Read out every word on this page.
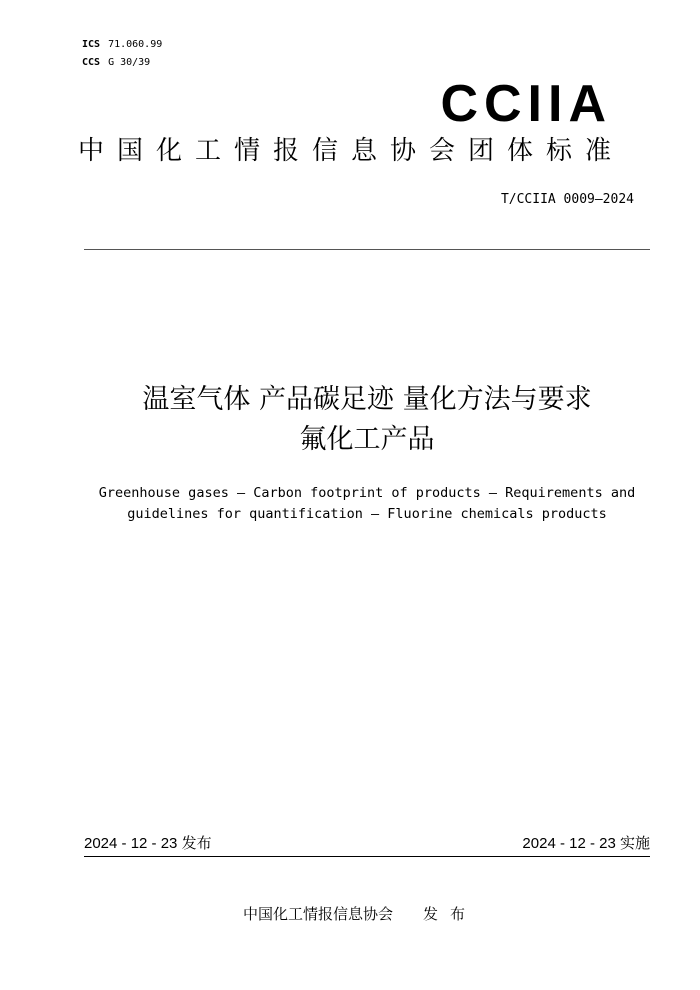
ICS 71.060.99
CCS G 30/39
CCIIA
中国化工情报信息协会团体标准
T/CCIIA 0009—2024
温室气体 产品碳足迹 量化方法与要求
氟化工产品
Greenhouse gases — Carbon footprint of products — Requirements and
guidelines for quantification — Fluorine chemicals products
2024 - 12 - 23 发布	2024 - 12 - 23 实施
中国化工情报信息协会 发布
